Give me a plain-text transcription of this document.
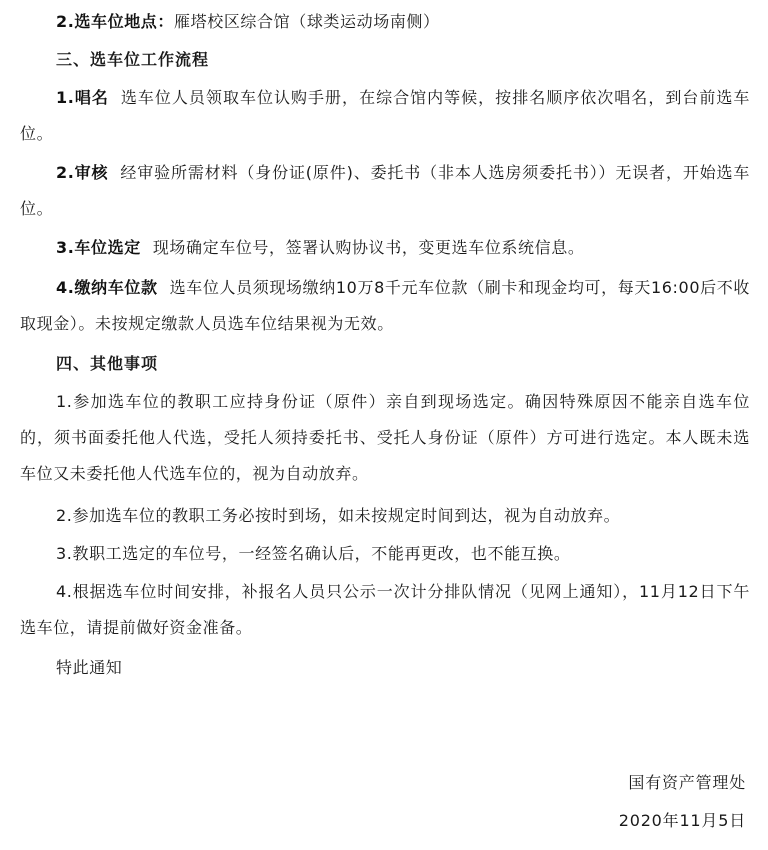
2.选车位地点：雁塔校区综合馆（球类运动场南侧）
三、选车位工作流程
1.唱名 选车位人员领取车位认购手册，在综合馆内等候，按排名顺序依次唱名，到台前选车位。
2.审核 经审验所需材料（身份证(原件)、委托书（非本人选房须委托书））无误者，开始选车位。
3.车位选定 现场确定车位号，签署认购协议书，变更选车位系统信息。
4.缴纳车位款 选车位人员须现场缴纳10万8千元车位款（刷卡和现金均可，每天16:00后不收取现金）。未按规定缴款人员选车位结果视为无效。
四、其他事项
1.参加选车位的教职工应持身份证（原件）亲自到现场选定。确因特殊原因不能亲自选车位的，须书面委托他人代选，受托人须持委托书、受托人身份证（原件）方可进行选定。本人既未选车位又未委托他人代选车位的，视为自动放弃。
2.参加选车位的教职工务必按时到场，如未按规定时间到达，视为自动放弃。
3.教职工选定的车位号，一经签名确认后，不能再更改，也不能互换。
4.根据选车位时间安排，补报名人员只公示一次计分排队情况（见网上通知），11月12日下午选车位，请提前做好资金准备。
特此通知
国有资产管理处
2020年11月5日
